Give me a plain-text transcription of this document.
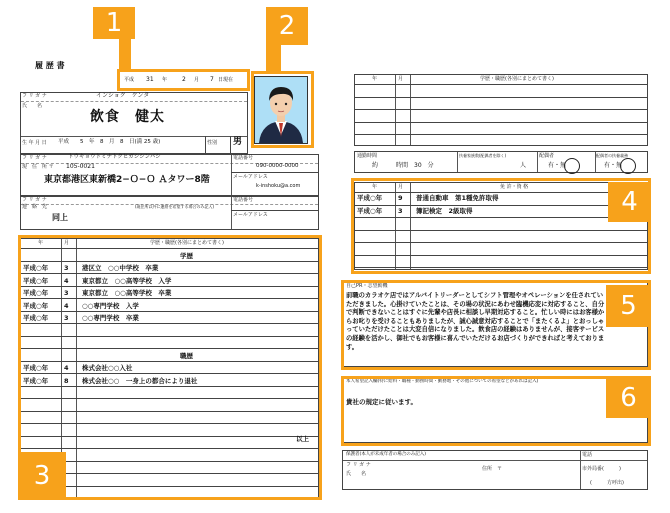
履 歴 書
平成 31 年 2 月 7 日現在
フ リ ガ ナ	インショク　ケンタ
氏　　名
飲食　健太
生 年 月 日 平成　　5　年　8　月　8　日(満 25 歳)	性別 男
フ リ ガ ナ	トウキョウトミナトクヒガシシンバシ
現　住　所 〒 105-0021
東京都港区東新橋2−Ｏ−Ｏ Ａタワー8階
電話番号
090-0000-0000
メールアドレス
k-inshoku@a.com
フ リ ガ ナ
連　絡　先	(現住所以外に連絡を希望する場合のみ記入)
同上
電話番号
メールアドレス
年	月	学歴・職歴(各別にまとめて書く)
学歴
平成○年 3 港区立　○○中学校　卒業
平成○年 4 東京都立　○○高等学校　入学
平成○年 3 東京都立　○○高等学校　卒業
平成○年 4 ○○専門学校　入学
平成○年 3 ○○専門学校　卒業
職歴
平成○年 4 株式会社○○入社
平成○年 8 株式会社○○　一身上の都合により退社
以上
年	月	学歴・職歴(各別にまとめて書く)
通勤時間
約　　　時間　30　分
扶養家族数(配偶者を除く)
人
配偶者
有・無
配偶者の扶養義務
有・無
年	月	免 許・資 格
平成○年 9 普通自動車　第1種免許取得
平成○年 3 簿記検定　2級取得
自己PR・志望動機
前職のカラオケ店ではアルバイトリーダーとしてシフト管理やオペレーションを任されていただきました。心掛けていたことは、その場の状況にあわせ臨機応変に対応すること、自分で判断できないことはすぐに先輩や店長に相談し早期対応すること。忙しい時にはお客様からお叱りを受けることもありましたが、誠心誠意対応することで「またくるよ」とおっしゃっていただけたことは大変自信になりました。飲食店の経験はありませんが、接客サービスの経験を活かし、御社でもお客様に喜んでいただけるお店づくりができればと考えております。
本人希望記入欄(特に給料・職種・勤務時間・勤務地・その他についての希望などがあれば記入)
貴社の規定に従います。
保護者(本人が未成年者の場合のみ記入)
フ リ ガ ナ
氏　　名
住所　〒
電話
市外局番(　　　)
(　　　方呼出)
1	2
3
4
5
6
